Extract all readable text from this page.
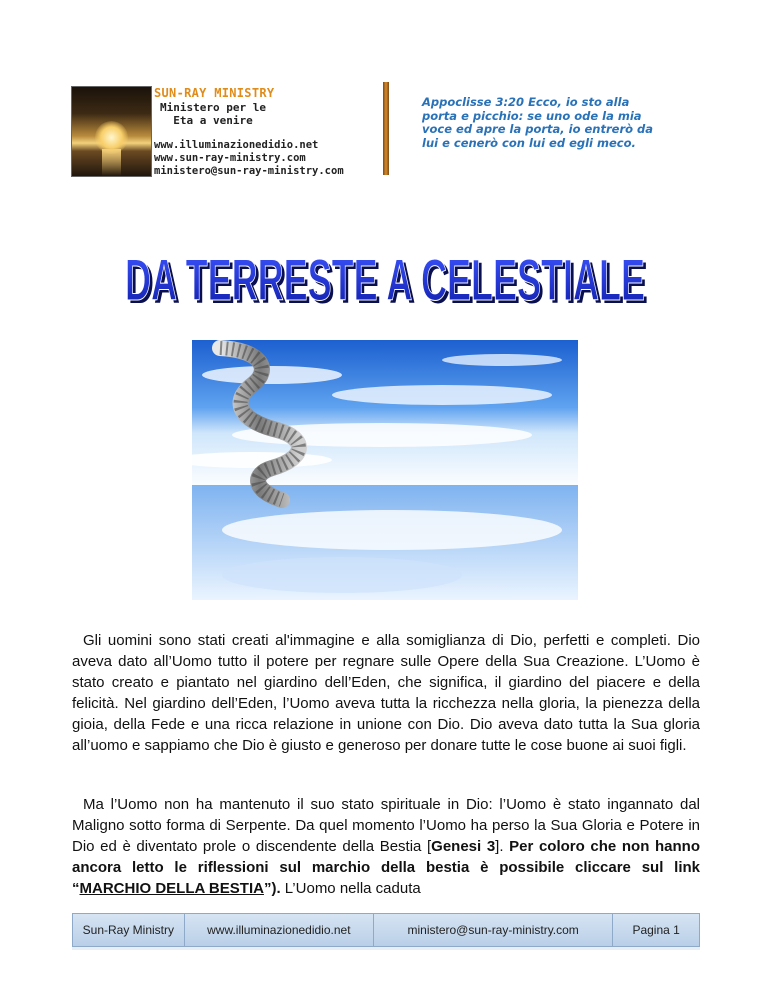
SUN-RAY MINISTRY
Ministero per le
Eta a venire
www.illuminazionedidio.net
www.sun-ray-ministry.com
ministero@sun-ray-ministry.com
Appoclisse 3:20 Ecco, io sto alla
porta e picchio: se uno ode la mia
voce ed apre la porta, io entrerò da
lui e cenerò con lui ed egli meco.
DA TERRESTE A CELESTIALE
DA TERRESTE A CELESTIALE

Gli uomini sono stati creati al'immagine e alla somiglianza di Dio, perfetti e completi. Dio aveva dato all’Uomo tutto il potere per regnare sulle Opere della Sua Creazione. L’Uomo è stato creato e piantato nel giardino dell’Eden, che significa, il giardino del piacere e della felicità. Nel giardino dell’Eden, l’Uomo aveva tutta la ricchezza nella gloria, la pienezza della gioia, della Fede e una ricca relazione in unione con Dio. Dio aveva dato tutta la Sua gloria all’uomo e sappiamo che Dio è giusto e generoso per donare tutte le cose buone ai suoi figli.

Ma l’Uomo non ha mantenuto il suo stato spirituale in Dio: l’Uomo è stato ingannato dal Maligno sotto forma di Serpente. Da quel momento l’Uomo ha perso la Sua Gloria e Potere in Dio ed è diventato prole o discendente della Bestia [Genesi 3]. Per coloro che non hanno ancora letto le riflessioni sul marchio della bestia è possibile cliccare sul link “MARCHIO DELLA BESTIA”). L’Uomo nella caduta

Sun-Ray Ministry	www.illuminazionedidio.net	ministero@sun-ray-ministry.com	Pagina 1
